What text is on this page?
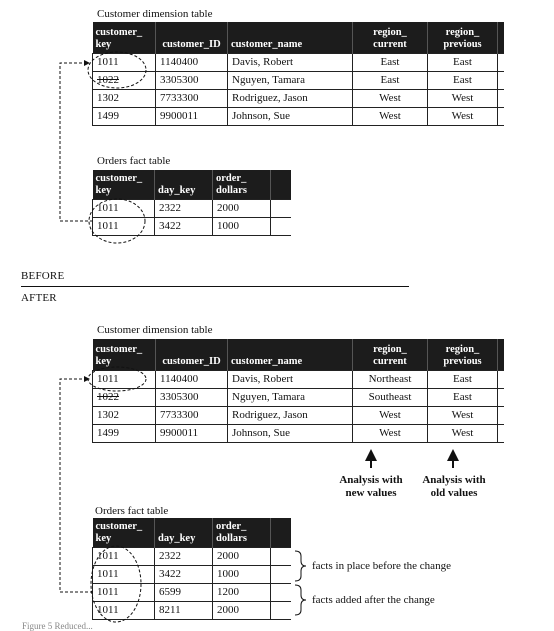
Customer dimension table
customer_ key	customer_ID	customer_name	region_ current	region_ previous	
1011	1140400	Davis, Robert	East	East	
1022	3305300	Nguyen, Tamara	East	East	
1302	7733300	Rodriguez, Jason	West	West	
1499	9900011	Johnson, Sue	West	West	
Orders fact table
customer_ key	day_key	order_ dollars	
1011	2322	2000	
1011	3422	1000	
BEFORE
AFTER
Customer dimension table
customer_ key	customer_ID	customer_name	region_ current	region_ previous	
1011	1140400	Davis, Robert	Northeast	East	
1022	3305300	Nguyen, Tamara	Southeast	East	
1302	7733300	Rodriguez, Jason	West	West	
1499	9900011	Johnson, Sue	West	West	
Analysis with new values
Analysis with old values
Orders fact table
customer_ key	day_key	order_ dollars	
1011	2322	2000	
1011	3422	1000	
1011	6599	1200	
1011	8211	2000	
facts in place before the change
facts added after the change
Figure 5 Reduced...
